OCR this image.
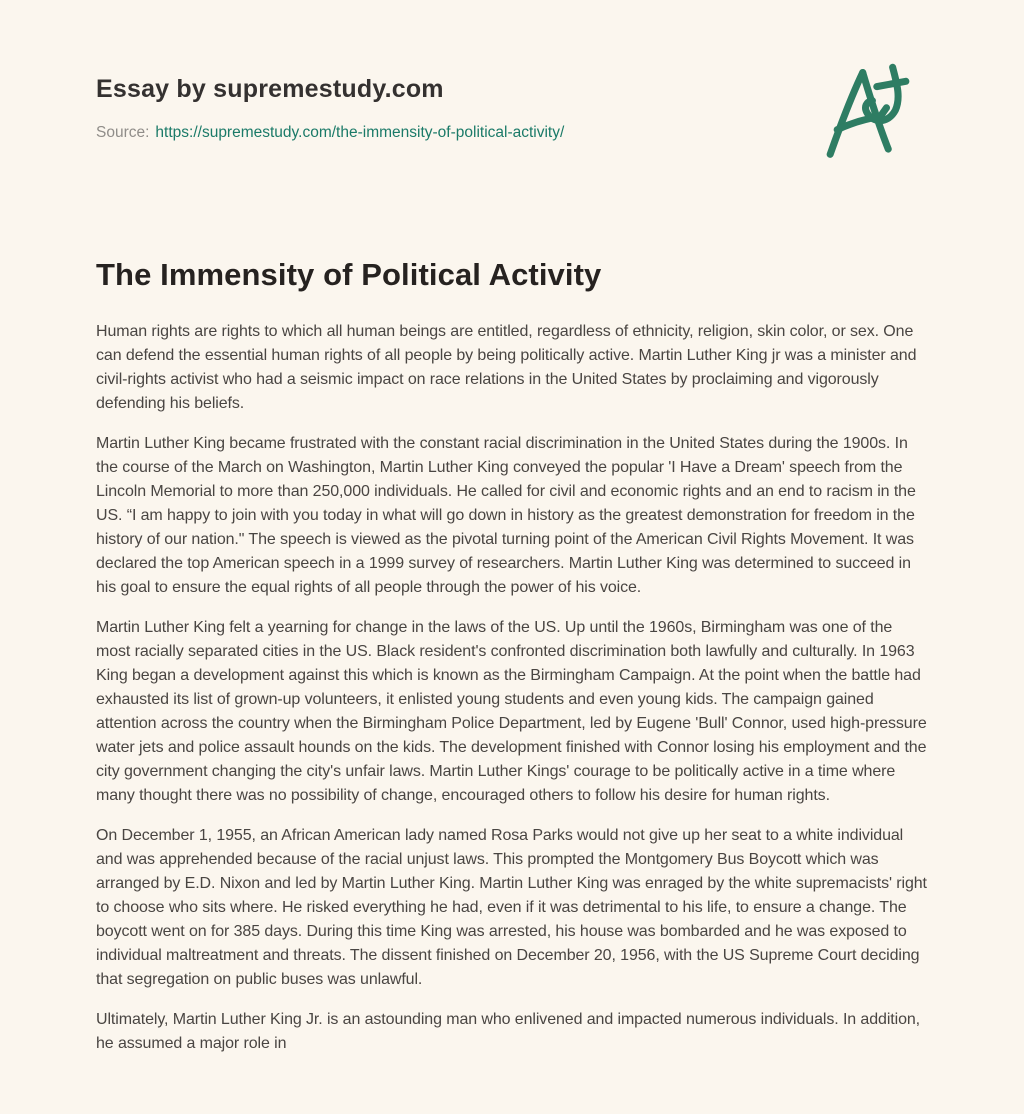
Essay by supremestudy.com
Source: https://supremestudy.com/the-immensity-of-political-activity/
The Immensity of Political Activity

Human rights are rights to which all human beings are entitled, regardless of ethnicity, religion, skin color, or sex. One can defend the essential human rights of all people by being politically active. Martin Luther King jr was a minister and civil-rights activist who had a seismic impact on race relations in the United States by proclaiming and vigorously defending his beliefs.

Martin Luther King became frustrated with the constant racial discrimination in the United States during the 1900s. In the course of the March on Washington, Martin Luther King conveyed the popular 'I Have a Dream' speech from the Lincoln Memorial to more than 250,000 individuals. He called for civil and economic rights and an end to racism in the US. “I am happy to join with you today in what will go down in history as the greatest demonstration for freedom in the history of our nation." The speech is viewed as the pivotal turning point of the American Civil Rights Movement. It was declared the top American speech in a 1999 survey of researchers. Martin Luther King was determined to succeed in his goal to ensure the equal rights of all people through the power of his voice.

Martin Luther King felt a yearning for change in the laws of the US. Up until the 1960s, Birmingham was one of the most racially separated cities in the US. Black resident's confronted discrimination both lawfully and culturally. In 1963 King began a development against this which is known as the Birmingham Campaign. At the point when the battle had exhausted its list of grown-up volunteers, it enlisted young students and even young kids. The campaign gained attention across the country when the Birmingham Police Department, led by Eugene 'Bull' Connor, used high-pressure water jets and police assault hounds on the kids. The development finished with Connor losing his employment and the city government changing the city's unfair laws. Martin Luther Kings' courage to be politically active in a time where many thought there was no possibility of change, encouraged others to follow his desire for human rights.

On December 1, 1955, an African American lady named Rosa Parks would not give up her seat to a white individual and was apprehended because of the racial unjust laws. This prompted the Montgomery Bus Boycott which was arranged by E.D. Nixon and led by Martin Luther King. Martin Luther King was enraged by the white supremacists' right to choose who sits where. He risked everything he had, even if it was detrimental to his life, to ensure a change. The boycott went on for 385 days. During this time King was arrested, his house was bombarded and he was exposed to individual maltreatment and threats. The dissent finished on December 20, 1956, with the US Supreme Court deciding that segregation on public buses was unlawful.

Ultimately, Martin Luther King Jr. is an astounding man who enlivened and impacted numerous individuals. In addition, he assumed a major role in
